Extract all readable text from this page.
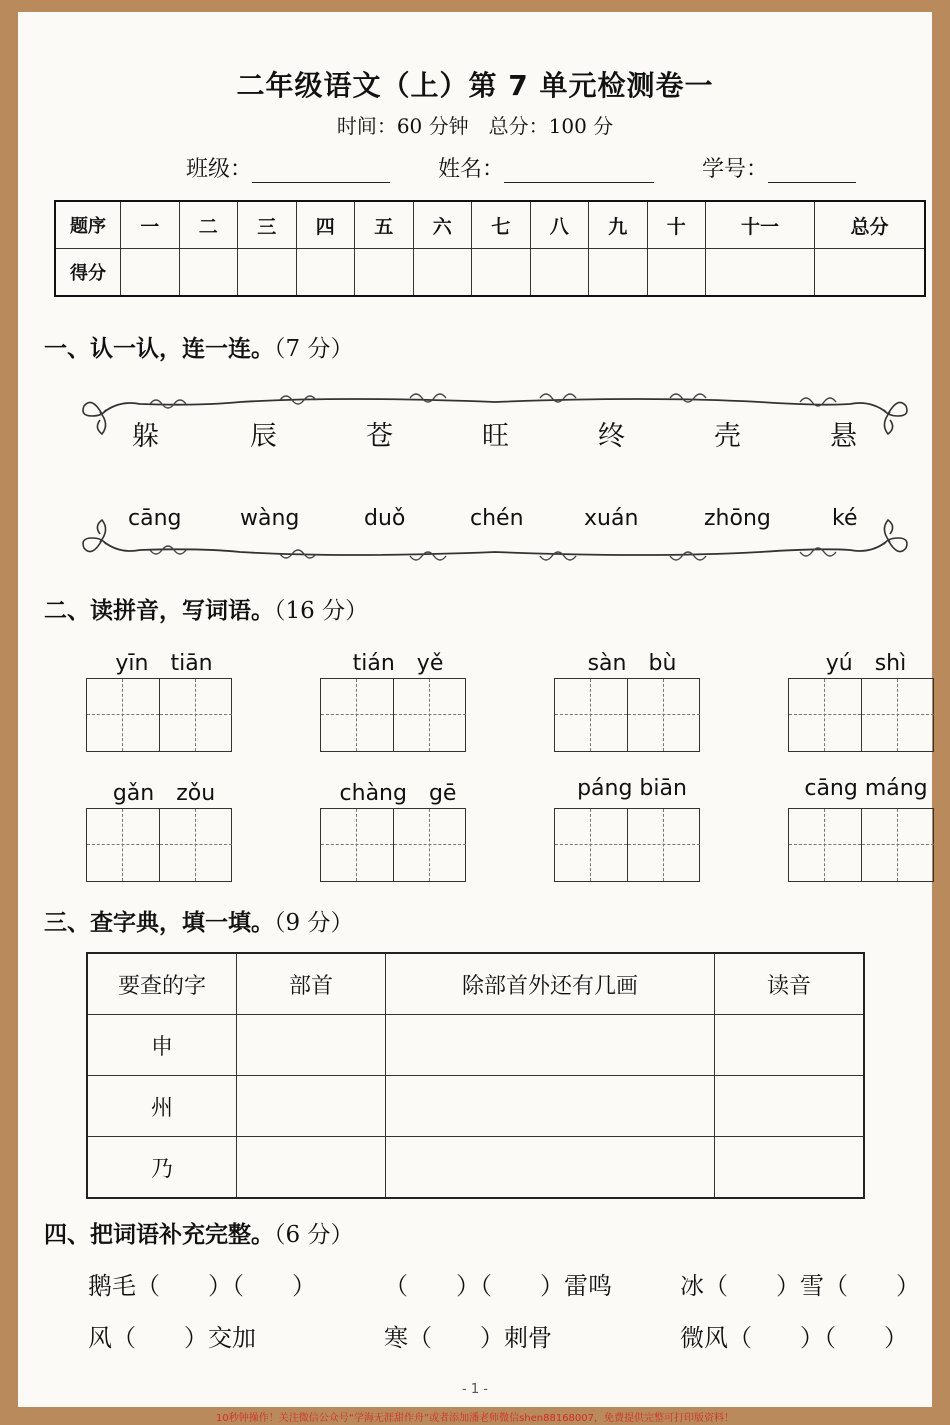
二年级语文（上）第 7 单元检测卷一
时间：60 分钟　总分：100 分
班级：	姓名：	学号：
题序	一	二	三	四	五	六	七	八	九	十	十一	总分
得分												
一、认一认，连一连。（7 分）
躲	辰	苍	旺	终	壳	悬
cāng	wàng	duǒ	chén	xuán	zhōng	ké
二、读拼音，写词语。（16 分）
yīn　tiān	tián　yě	sàn　bù	yú　shì
gǎn　zǒu	chàng　gē	páng biān	cāng máng
三、查字典，填一填。（9 分）
要查的字	部首	除部首外还有几画	读音
申			
州			
乃			
四、把词语补充完整。（6 分）
鹅毛（　　）（　　）	（　　）（　　）雷鸣	冰（　　）雪（　　）
风（　　）交加	寒（　　）刺骨	微风（　　）（　　）
- 1 -
10秒钟操作！关注微信公众号“学海无涯甜作舟”或者添加潘老师微信shen88168007，免费提供完整可打印版资料！
